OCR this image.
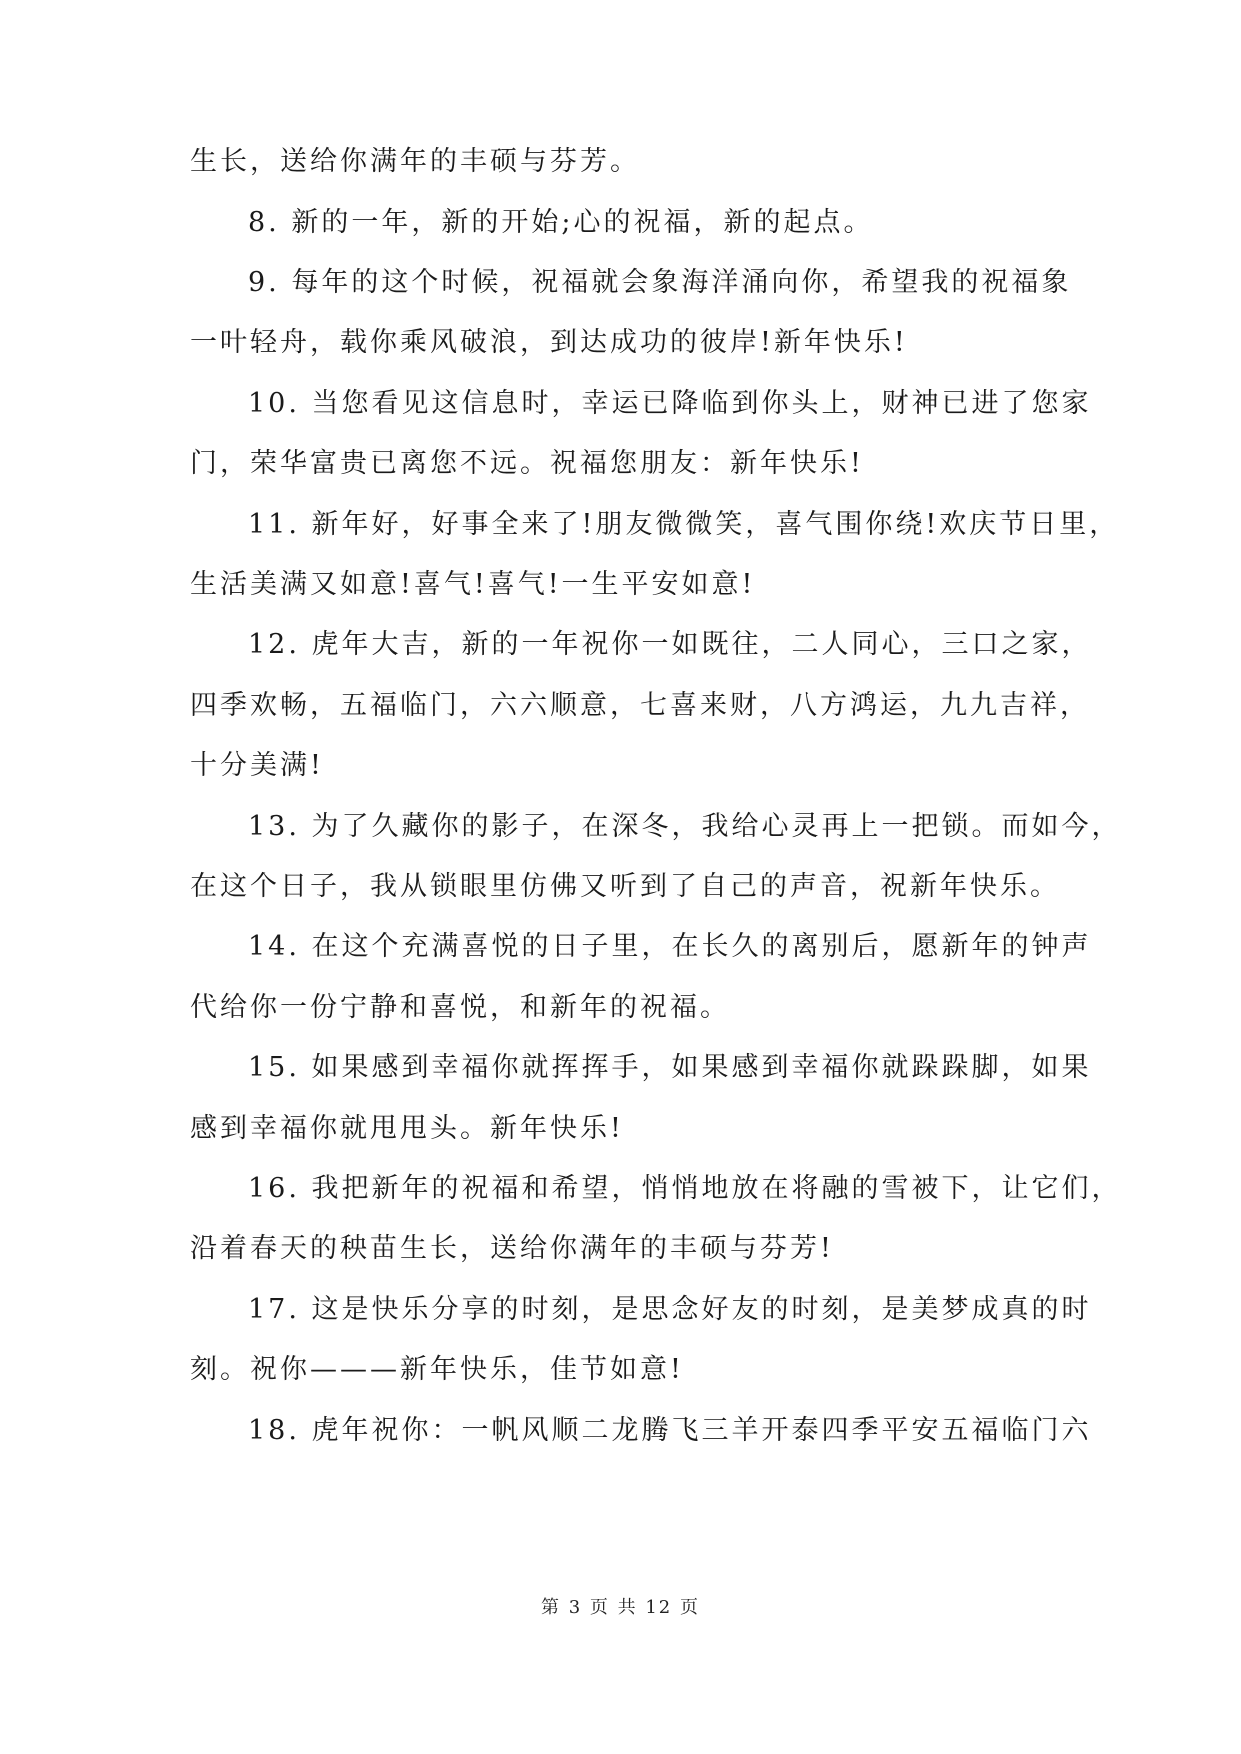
生长，送给你满年的丰硕与芬芳。
8. 新的一年，新的开始;心的祝福，新的起点。
9. 每年的这个时候，祝福就会象海洋涌向你，希望我的祝福象
一叶轻舟，载你乘风破浪，到达成功的彼岸!新年快乐!
10. 当您看见这信息时，幸运已降临到你头上，财神已进了您家
门，荣华富贵已离您不远。祝福您朋友：新年快乐!
11. 新年好，好事全来了!朋友微微笑，喜气围你绕!欢庆节日里，
生活美满又如意!喜气!喜气!一生平安如意!
12. 虎年大吉，新的一年祝你一如既往，二人同心，三口之家，
四季欢畅，五福临门，六六顺意，七喜来财，八方鸿运，九九吉祥，
十分美满!
13. 为了久藏你的影子，在深冬，我给心灵再上一把锁。而如今，
在这个日子，我从锁眼里仿佛又听到了自己的声音，祝新年快乐。
14. 在这个充满喜悦的日子里，在长久的离别后，愿新年的钟声
代给你一份宁静和喜悦，和新年的祝福。
15. 如果感到幸福你就挥挥手，如果感到幸福你就跺跺脚，如果
感到幸福你就甩甩头。新年快乐!
16. 我把新年的祝福和希望，悄悄地放在将融的雪被下，让它们，
沿着春天的秧苗生长，送给你满年的丰硕与芬芳!
17. 这是快乐分享的时刻，是思念好友的时刻，是美梦成真的时
刻。祝你———新年快乐，佳节如意!
18. 虎年祝你：一帆风顺二龙腾飞三羊开泰四季平安五福临门六
第 3 页 共 12 页
